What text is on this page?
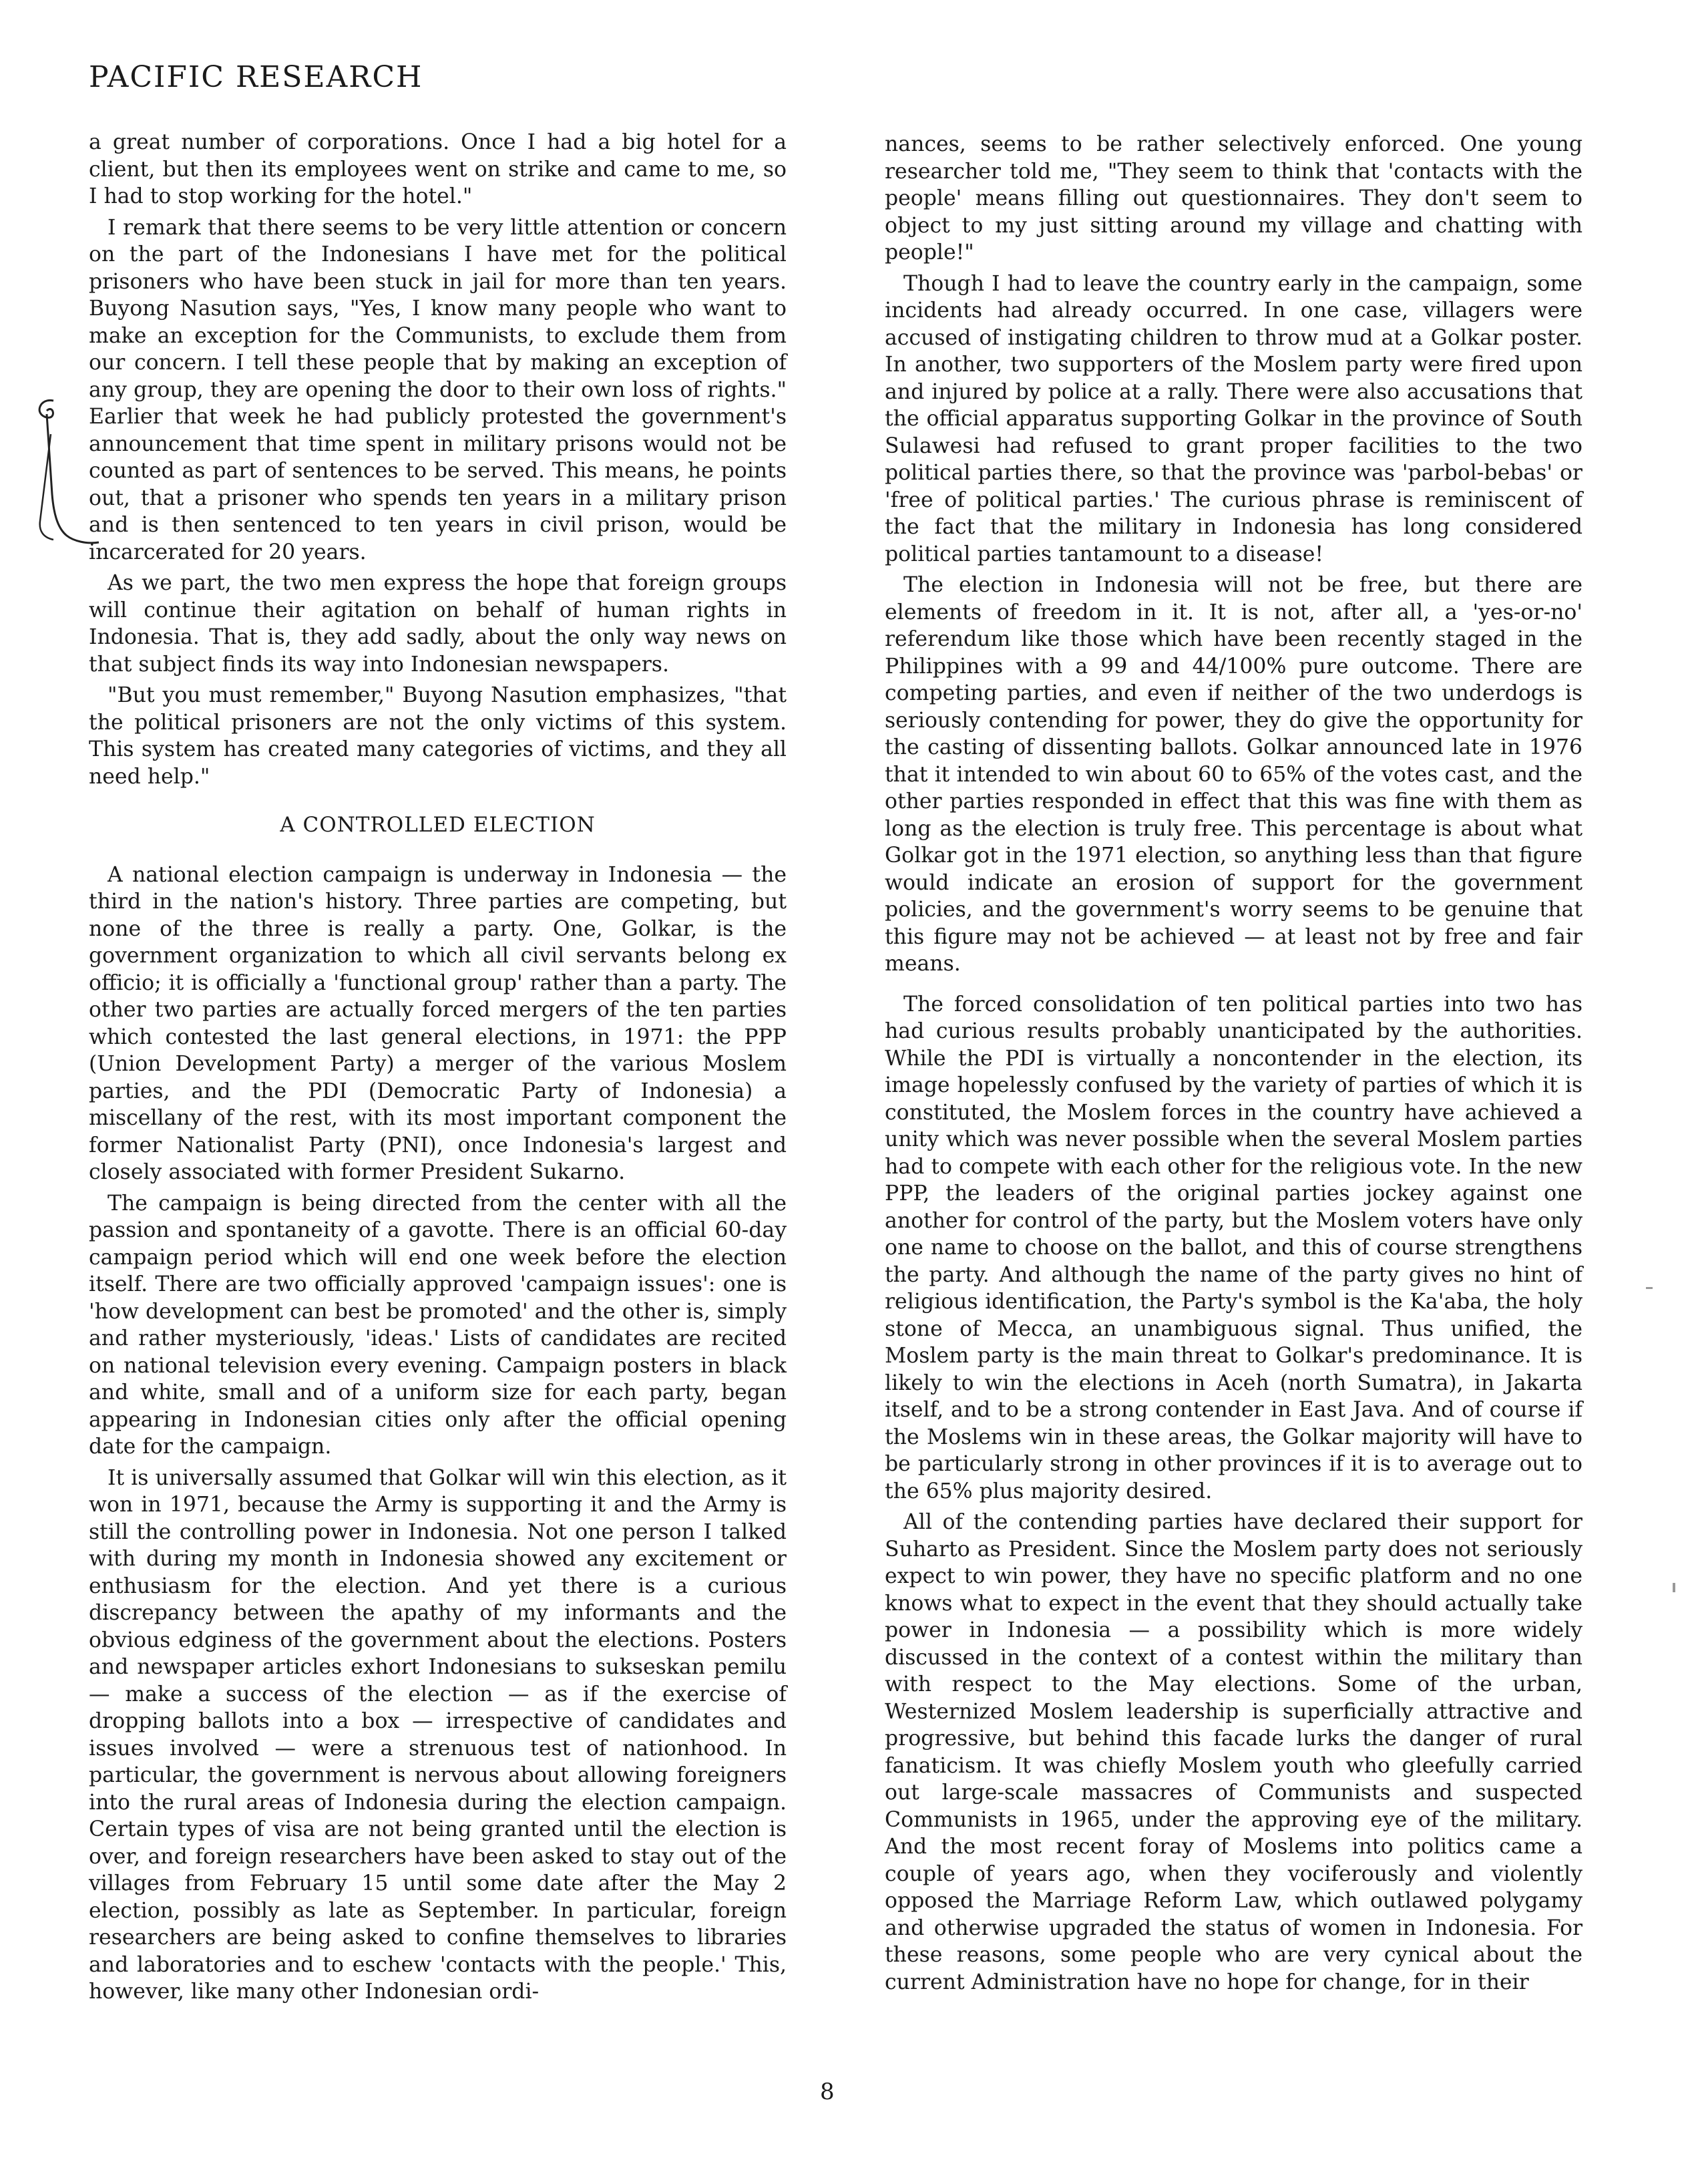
PACIFIC RESEARCH

a great number of corporations. Once I had a big hotel for a client, but then its employees went on strike and came to me, so I had to stop working for the hotel."

I remark that there seems to be very little attention or concern on the part of the Indonesians I have met for the political prisoners who have been stuck in jail for more than ten years. Buyong Nasution says, "Yes, I know many people who want to make an exception for the Communists, to exclude them from our concern. I tell these people that by making an exception of any group, they are opening the door to their own loss of rights." Earlier that week he had publicly protested the government's announcement that time spent in military prisons would not be counted as part of sentences to be served. This means, he points out, that a prisoner who spends ten years in a military prison and is then sentenced to ten years in civil prison, would be incarcerated for 20 years.

As we part, the two men express the hope that foreign groups will continue their agitation on behalf of human rights in Indonesia. That is, they add sadly, about the only way news on that subject finds its way into Indonesian newspapers.

"But you must remember," Buyong Nasution emphasizes, "that the political prisoners are not the only victims of this system. This system has created many categories of victims, and they all need help."

A CONTROLLED ELECTION

A national election campaign is underway in Indonesia — the third in the nation's history. Three parties are competing, but none of the three is really a party. One, Golkar, is the government organization to which all civil servants belong ex officio; it is officially a 'functional group' rather than a party. The other two parties are actually forced mergers of the ten parties which contested the last general elections, in 1971: the PPP (Union Development Party) a merger of the various Moslem parties, and the PDI (Democratic Party of Indonesia) a miscellany of the rest, with its most important component the former Nationalist Party (PNI), once Indonesia's largest and closely associated with former President Sukarno.

The campaign is being directed from the center with all the passion and spontaneity of a gavotte. There is an official 60-day campaign period which will end one week before the election itself. There are two officially approved 'campaign issues': one is 'how development can best be promoted' and the other is, simply and rather mysteriously, 'ideas.' Lists of candidates are recited on national television every evening. Campaign posters in black and white, small and of a uniform size for each party, began appearing in Indonesian cities only after the official opening date for the campaign.

It is universally assumed that Golkar will win this election, as it won in 1971, because the Army is supporting it and the Army is still the controlling power in Indonesia. Not one person I talked with during my month in Indonesia showed any excitement or enthusiasm for the election. And yet there is a curious discrepancy between the apathy of my informants and the obvious edginess of the government about the elections. Posters and newspaper articles exhort Indonesians to sukseskan pemilu — make a success of the election — as if the exercise of dropping ballots into a box — irrespective of candidates and issues involved — were a strenuous test of nationhood. In particular, the government is nervous about allowing foreigners into the rural areas of Indonesia during the election campaign. Certain types of visa are not being granted until the election is over, and foreign researchers have been asked to stay out of the villages from February 15 until some date after the May 2 election, possibly as late as September. In particular, foreign researchers are being asked to confine themselves to libraries and laboratories and to eschew 'contacts with the people.' This, however, like many other Indonesian ordi-

nances, seems to be rather selectively enforced. One young researcher told me, "They seem to think that 'contacts with the people' means filling out questionnaires. They don't seem to object to my just sitting around my village and chatting with people!"

Though I had to leave the country early in the campaign, some incidents had already occurred. In one case, villagers were accused of instigating children to throw mud at a Golkar poster. In another, two supporters of the Moslem party were fired upon and injured by police at a rally. There were also accusations that the official apparatus supporting Golkar in the province of South Sulawesi had refused to grant proper facilities to the two political parties there, so that the province was 'parbol-bebas' or 'free of political parties.' The curious phrase is reminiscent of the fact that the military in Indonesia has long considered political parties tantamount to a disease!

The election in Indonesia will not be free, but there are elements of freedom in it. It is not, after all, a 'yes-or-no' referendum like those which have been recently staged in the Philippines with a 99 and 44/100% pure outcome. There are competing parties, and even if neither of the two underdogs is seriously contending for power, they do give the opportunity for the casting of dissenting ballots. Golkar announced late in 1976 that it intended to win about 60 to 65% of the votes cast, and the other parties responded in effect that this was fine with them as long as the election is truly free. This percentage is about what Golkar got in the 1971 election, so anything less than that figure would indicate an erosion of support for the government policies, and the government's worry seems to be genuine that this figure may not be achieved — at least not by free and fair means.

The forced consolidation of ten political parties into two has had curious results probably unanticipated by the authorities. While the PDI is virtually a noncontender in the election, its image hopelessly confused by the variety of parties of which it is constituted, the Moslem forces in the country have achieved a unity which was never possible when the several Moslem parties had to compete with each other for the religious vote. In the new PPP, the leaders of the original parties jockey against one another for control of the party, but the Moslem voters have only one name to choose on the ballot, and this of course strengthens the party. And although the name of the party gives no hint of religious identification, the Party's symbol is the Ka'aba, the holy stone of Mecca, an unambiguous signal. Thus unified, the Moslem party is the main threat to Golkar's predominance. It is likely to win the elections in Aceh (north Sumatra), in Jakarta itself, and to be a strong contender in East Java. And of course if the Moslems win in these areas, the Golkar majority will have to be particularly strong in other provinces if it is to average out to the 65% plus majority desired.

All of the contending parties have declared their support for Suharto as President. Since the Moslem party does not seriously expect to win power, they have no specific platform and no one knows what to expect in the event that they should actually take power in Indonesia — a possibility which is more widely discussed in the context of a contest within the military than with respect to the May elections. Some of the urban, Westernized Moslem leadership is superficially attractive and progressive, but behind this facade lurks the danger of rural fanaticism. It was chiefly Moslem youth who gleefully carried out large-scale massacres of Communists and suspected Communists in 1965, under the approving eye of the military. And the most recent foray of Moslems into politics came a couple of years ago, when they vociferously and violently opposed the Marriage Reform Law, which outlawed polygamy and otherwise upgraded the status of women in Indonesia. For these reasons, some people who are very cynical about the current Administration have no hope for change, for in their

8
